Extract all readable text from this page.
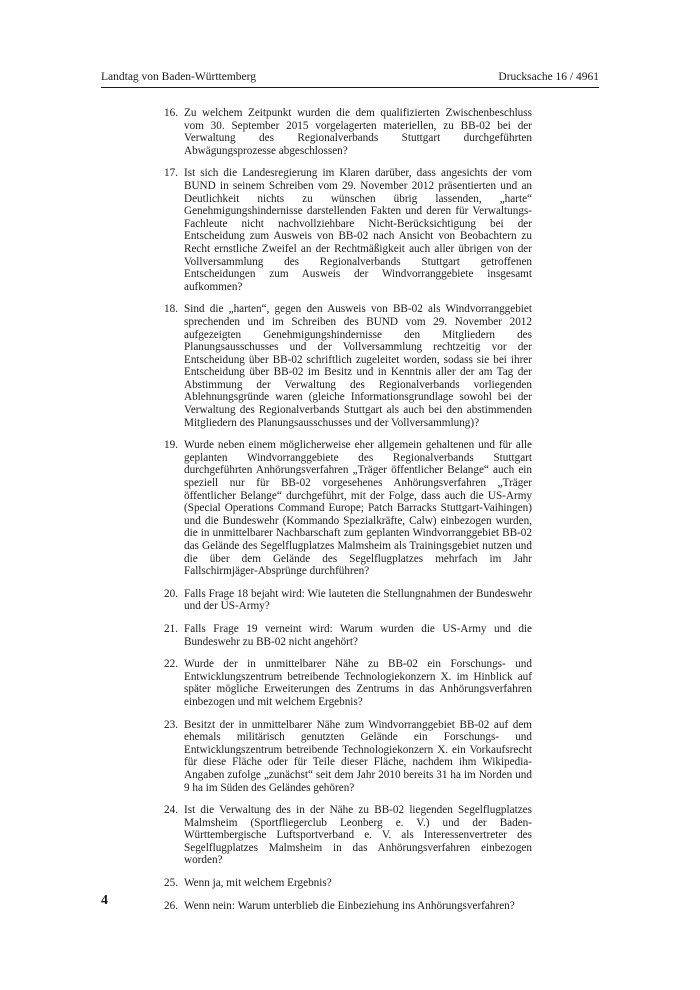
Landtag von Baden-Württemberg	Drucksache 16 / 4961
16. Zu welchem Zeitpunkt wurden die dem qualifizierten Zwischenbeschluss vom 30. September 2015 vorgelagerten materiellen, zu BB-02 bei der Verwaltung des Regionalverbands Stuttgart durchgeführten Abwägungsprozesse abgeschlossen?
17. Ist sich die Landesregierung im Klaren darüber, dass angesichts der vom BUND in seinem Schreiben vom 29. November 2012 präsentierten und an Deutlichkeit nichts zu wünschen übrig lassenden, „harte“ Genehmigungshindernisse darstellenden Fakten und deren für Verwaltungs-Fachleute nicht nachvollziehbare Nicht-Berücksichtigung bei der Entscheidung zum Ausweis von BB-02 nach Ansicht von Beobachtern zu Recht ernstliche Zweifel an der Rechtmäßigkeit auch aller übrigen von der Vollversammlung des Regionalverbands Stuttgart getroffenen Entscheidungen zum Ausweis der Windvorranggebiete insgesamt aufkommen?
18. Sind die „harten“, gegen den Ausweis von BB-02 als Windvorranggebiet sprechenden und im Schreiben des BUND vom 29. November 2012 aufgezeigten Genehmigungshindernisse den Mitgliedern des Planungsausschusses und der Vollversammlung rechtzeitig vor der Entscheidung über BB-02 schriftlich zugeleitet worden, sodass sie bei ihrer Entscheidung über BB-02 im Besitz und in Kenntnis aller der am Tag der Abstimmung der Verwaltung des Regionalverbands vorliegenden Ablehnungsgründe waren (gleiche Informationsgrundlage sowohl bei der Verwaltung des Regionalverbands Stuttgart als auch bei den abstimmenden Mitgliedern des Planungsausschusses und der Vollversammlung)?
19. Wurde neben einem möglicherweise eher allgemein gehaltenen und für alle geplanten Windvorranggebiete des Regionalverbands Stuttgart durchgeführten Anhörungsverfahren „Träger öffentlicher Belange“ auch ein speziell nur für BB-02 vorgesehenes Anhörungsverfahren „Träger öffentlicher Belange“ durchgeführt, mit der Folge, dass auch die US-Army (Special Operations Command Europe; Patch Barracks Stuttgart-Vaihingen) und die Bundeswehr (Kommando Spezialkräfte, Calw) einbezogen wurden, die in unmittelbarer Nachbarschaft zum geplanten Windvorranggebiet BB-02 das Gelände des Segelflugplatzes Malmsheim als Trainingsgebiet nutzen und die über dem Gelände des Segelflugplatzes mehrfach im Jahr Fallschirmjäger-Absprünge durchführen?
20. Falls Frage 18 bejaht wird: Wie lauteten die Stellungnahmen der Bundeswehr und der US-Army?
21. Falls Frage 19 verneint wird: Warum wurden die US-Army und die Bundeswehr zu BB-02 nicht angehört?
22. Wurde der in unmittelbarer Nähe zu BB-02 ein Forschungs- und Entwicklungszentrum betreibende Technologiekonzern X. im Hinblick auf später mögliche Erweiterungen des Zentrums in das Anhörungsverfahren einbezogen und mit welchem Ergebnis?
23. Besitzt der in unmittelbarer Nähe zum Windvorranggebiet BB-02 auf dem ehemals militärisch genutzten Gelände ein Forschungs- und Entwicklungszentrum betreibende Technologiekonzern X. ein Vorkaufsrecht für diese Fläche oder für Teile dieser Fläche, nachdem ihm Wikipedia-Angaben zufolge „zunächst“ seit dem Jahr 2010 bereits 31 ha im Norden und 9 ha im Süden des Geländes gehören?
24. Ist die Verwaltung des in der Nähe zu BB-02 liegenden Segelflugplatzes Malmsheim (Sportfliegerclub Leonberg e. V.) und der Baden-Württembergische Luftsportverband e. V. als Interessenvertreter des Segelflugplatzes Malmsheim in das Anhörungsverfahren einbezogen worden?
25. Wenn ja, mit welchem Ergebnis?
26. Wenn nein: Warum unterblieb die Einbeziehung ins Anhörungsverfahren?
4
